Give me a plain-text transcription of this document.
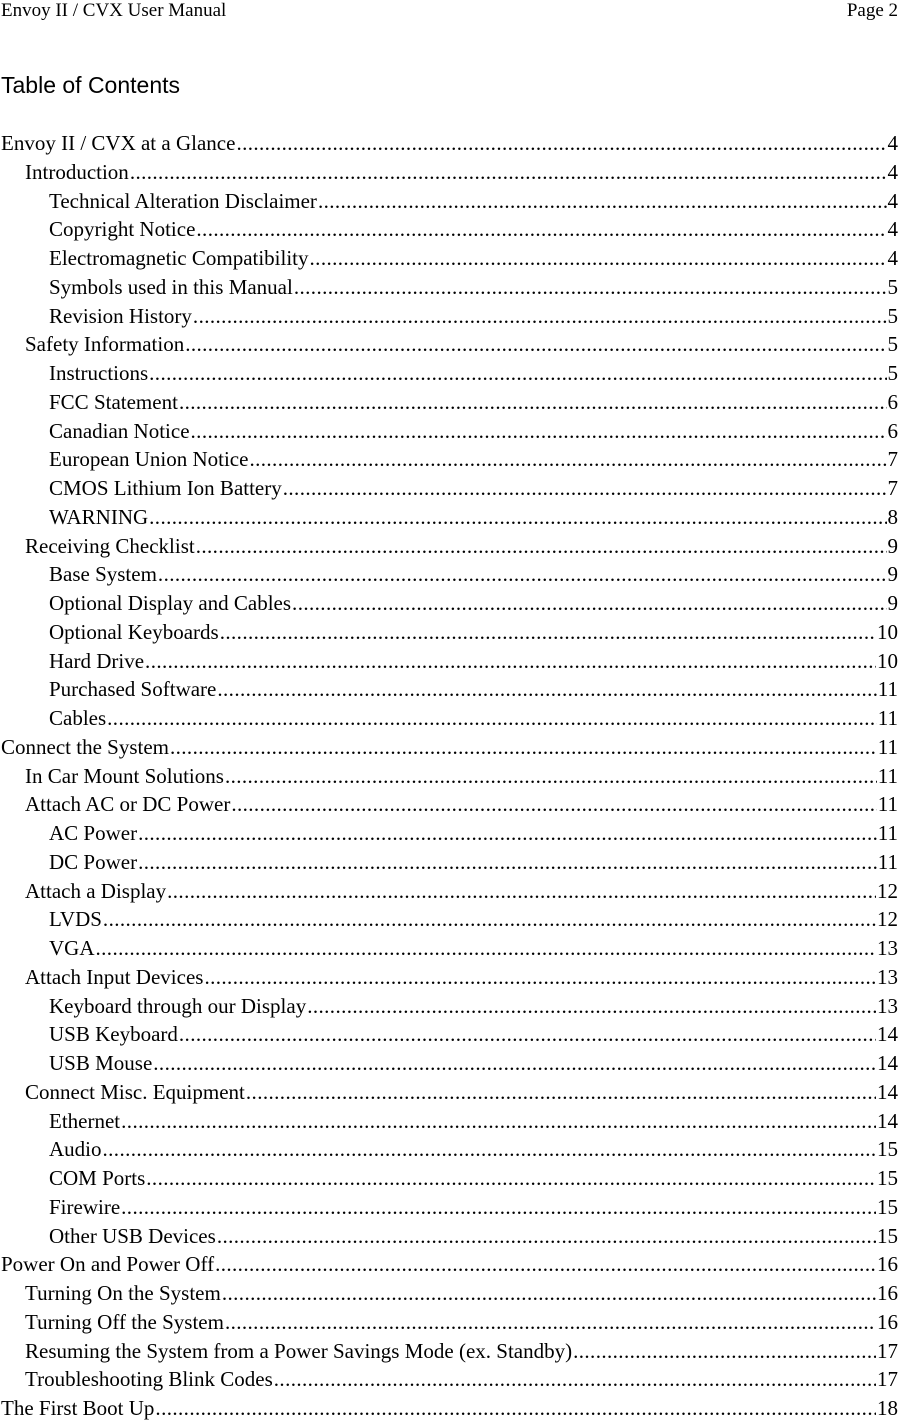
Envoy II / CVX User Manual	Page 2
Table of Contents
Envoy II / CVX at a Glance .....	4
Introduction .....	4
Technical Alteration Disclaimer .....	4
Copyright Notice .....	4
Electromagnetic Compatibility .....	4
Symbols used in this Manual .....	5
Revision History .....	5
Safety Information .....	5
Instructions .....	5
FCC Statement .....	6
Canadian Notice .....	6
European Union Notice .....	7
CMOS Lithium Ion Battery .....	7
WARNING .....	8
Receiving Checklist .....	9
Base System .....	9
Optional Display and Cables .....	9
Optional Keyboards .....	10
Hard Drive .....	10
Purchased Software .....	11
Cables .....	11
Connect the System .....	11
In Car Mount Solutions .....	11
Attach AC or DC Power .....	11
AC Power .....	11
DC Power .....	11
Attach a Display .....	12
LVDS .....	12
VGA .....	13
Attach Input Devices .....	13
Keyboard through our Display .....	13
USB Keyboard .....	14
USB Mouse .....	14
Connect Misc. Equipment .....	14
Ethernet .....	14
Audio .....	15
COM Ports .....	15
Firewire .....	15
Other USB Devices .....	15
Power On and Power Off .....	16
Turning On the System .....	16
Turning Off the System .....	16
Resuming the System from a Power Savings Mode (ex. Standby) .....	17
Troubleshooting Blink Codes .....	17
The First Boot Up .....	18
